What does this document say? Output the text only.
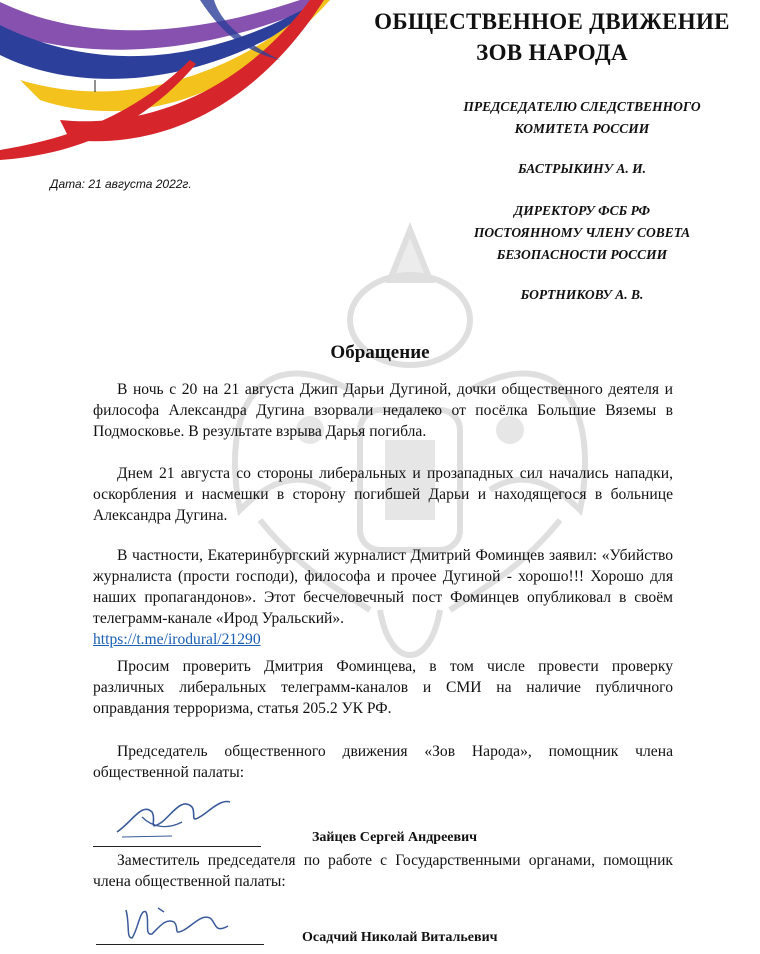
ОБЩЕСТВЕННОЕ ДВИЖЕНИЕ
ЗОВ НАРОДА
ПРЕДСЕДАТЕЛЮ СЛЕДСТВЕННОГО
КОМИТЕТА РОССИИ
БАСТРЫКИНУ А. И.
ДИРЕКТОРУ ФСБ РФ
ПОСТОЯННОМУ ЧЛЕНУ СОВЕТА
БЕЗОПАСНОСТИ РОССИИ
БОРТНИКОВУ А. В.
Дата: 21 августа 2022г.
Обращение

В ночь с 20 на 21 августа Джип Дарьи Дугиной, дочки общественного деятеля и философа Александра Дугина взорвали недалеко от посёлка Большие Вяземы в Подмосковье. В результате взрыва Дарья погибла.

Днем 21 августа со стороны либеральных и прозападных сил начались нападки, оскорбления и насмешки в сторону погибшей Дарьи и находящегося в больнице Александра Дугина.

В частности, Екатеринбургский журналист Дмитрий Фоминцев заявил: «Убийство журналиста (прости господи), философа и прочее Дугиной - хорошо!!! Хорошо для наших пропагандонов». Этот бесчеловечный пост Фоминцев опубликовал в своём телеграмм-канале «Ирод Уральский».

https://t.me/irodural/21290

Просим проверить Дмитрия Фоминцева, в том числе провести проверку различных либеральных телеграмм-каналов и СМИ на наличие публичного оправдания терроризма, статья 205.2 УК РФ.

Председатель общественного движения «Зов Народа», помощник члена общественной палаты:

Зайцев Сергей Андреевич

Заместитель председателя по работе с Государственными органами, помощник члена общественной палаты:

Осадчий Николай Витальевич
